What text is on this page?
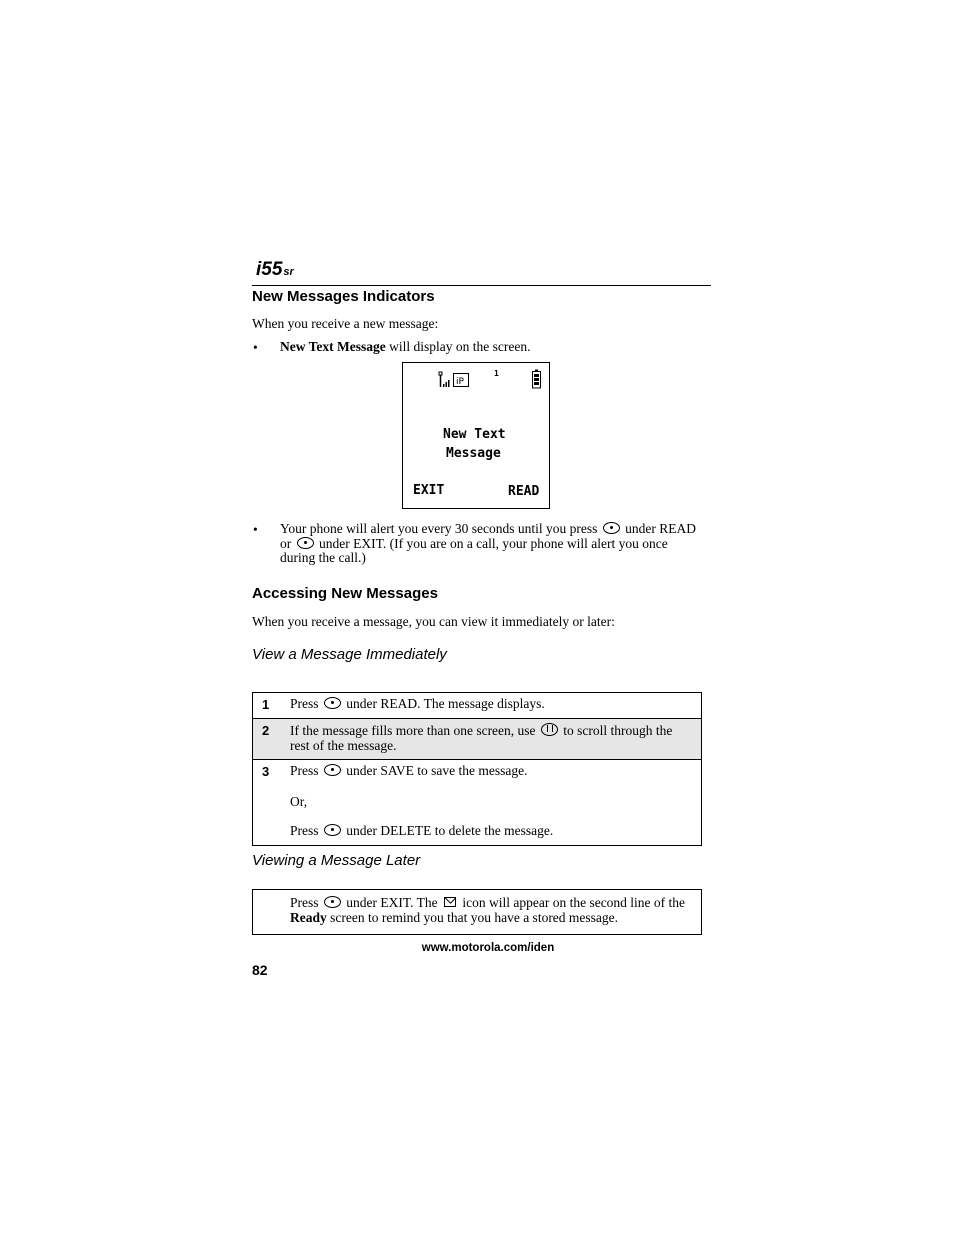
i55sr
New Messages Indicators
When you receive a new message:
• New Text Message will display on the screen.
iP
1
New Text
Message
EXIT	READ
• Your phone will alert you every 30 seconds until you press  under READ or  under EXIT. (If you are on a call, your phone will alert you once during the call.)
Accessing New Messages
When you receive a message, you can view it immediately or later:
View a Message Immediately
1 Press  under READ. The message displays.
2 If the message fills more than one screen, use  to scroll through the rest of the message.
3 Press  under SAVE to save the message.
Or,
Press  under DELETE to delete the message.
Viewing a Message Later
Press  under EXIT. The  icon will appear on the second line of the Ready screen to remind you that you have a stored message.
www.motorola.com/iden
82
